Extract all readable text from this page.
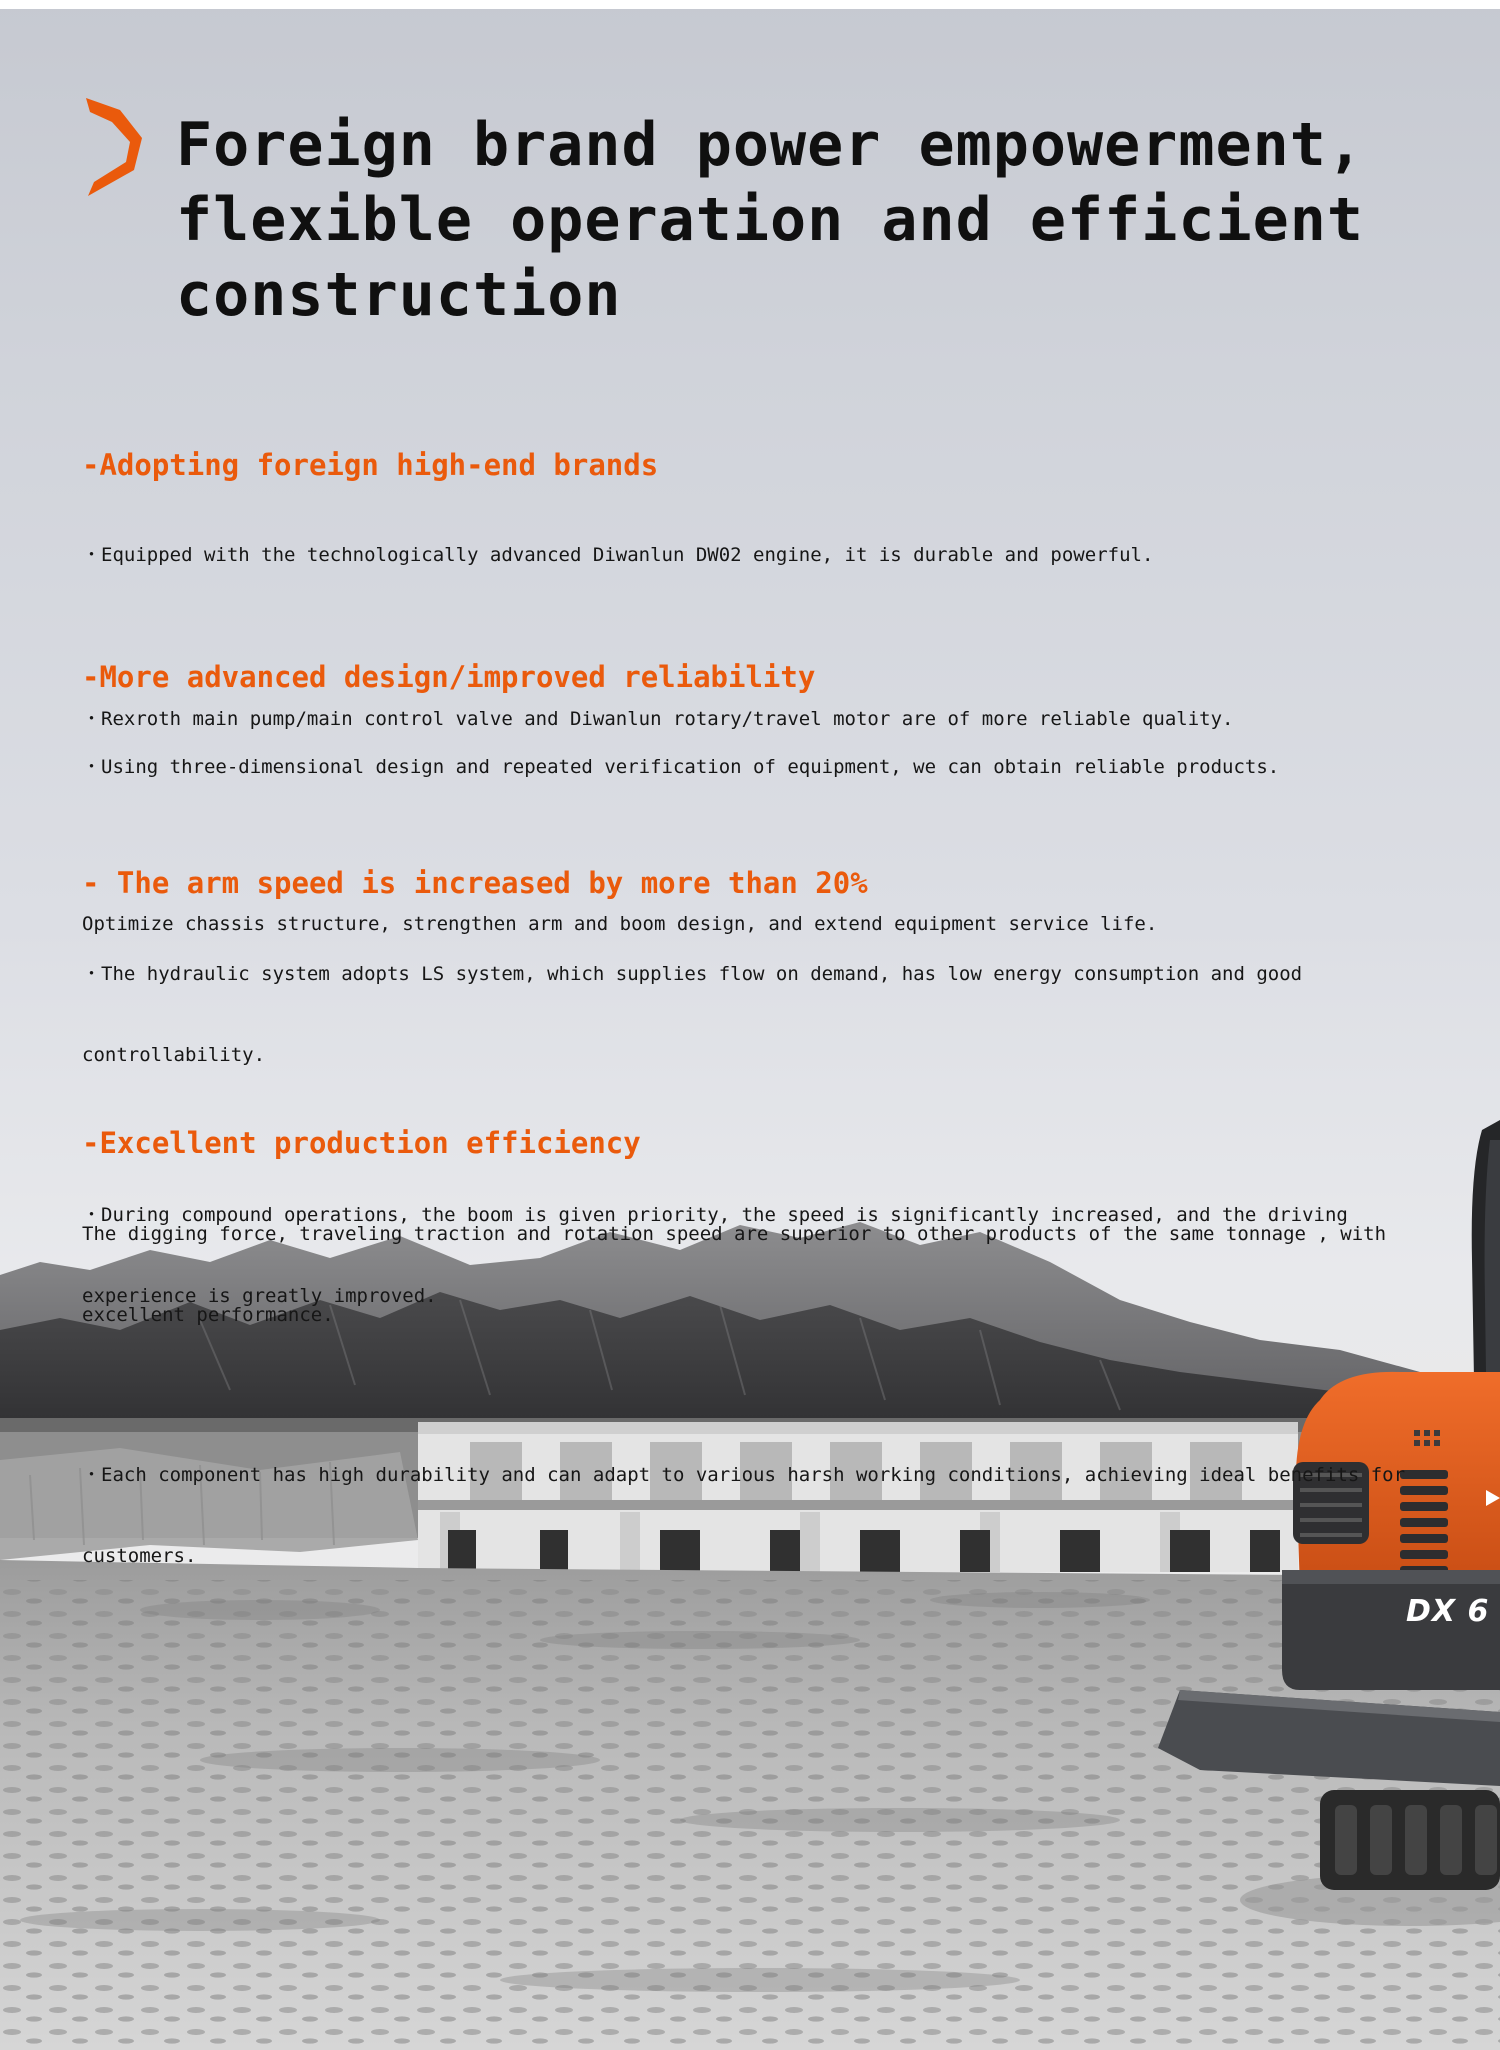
Foreign brand power empowerment,
flexible operation and efficient
construction
-Adopting foreign high-end brands

・Equipped with the technologically advanced Diwanlun DW02 engine, it is durable and powerful.

・Rexroth main pump/main control valve and Diwanlun rotary/travel motor are of more reliable quality.

-More advanced design/improved reliability

・Using three-dimensional design and repeated verification of equipment, we can obtain reliable products.

Optimize chassis structure, strengthen arm and boom design, and extend equipment service life.

- The arm speed is increased by more than 20%

・The hydraulic system adopts LS system, which supplies flow on demand, has low energy consumption and good

controllability.

・During compound operations, the boom is given priority, the speed is significantly increased, and the driving

experience is greatly improved.

-Excellent production efficiency

The digging force, traveling traction and rotation speed are superior to other products of the same tonnage , with

excellent performance.

・Each component has high durability and can adapt to various harsh working conditions, achieving ideal benefits for

customers.

DX 6
